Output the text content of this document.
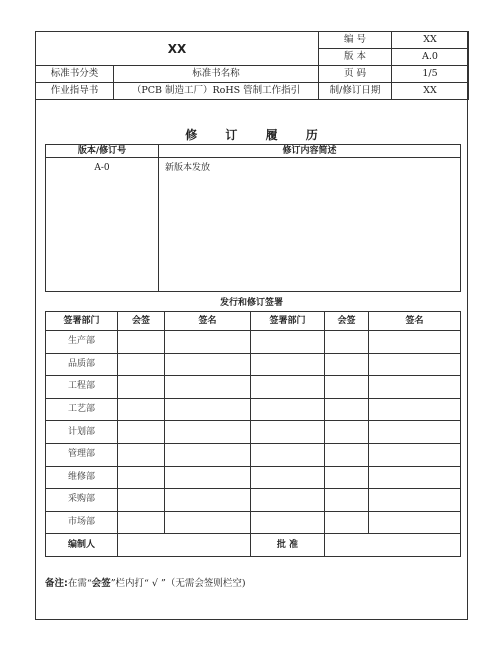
XX		编 号	XX
		版 本	A.0
标准书分类	标准书名称	页 码	1/5
作业指导书	（PCB 制造工厂）RoHS 管制工作指引	制/修订日期	XX
修 订 履 历
版本/修订号	修订内容简述
A-0	新版本发放
发行和修订签署
签署部门	会签	签名	签署部门	会签	签名
生产部					
品质部					
工程部					
工艺部					
计划部					
管理部					
维修部					
采购部					
市场部					
编制人			批 准		
备注:在需“会签”栏内打“ √ ”（无需会签则栏空)
